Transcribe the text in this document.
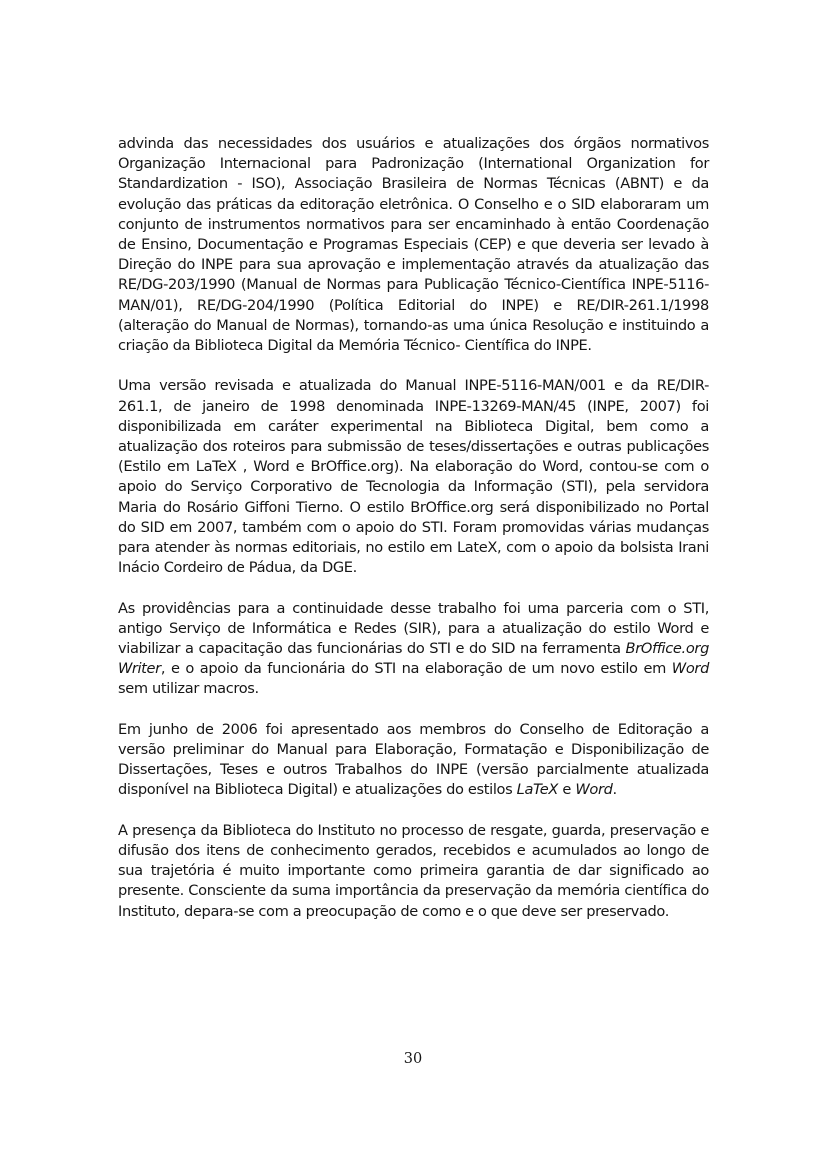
advinda das necessidades dos usuários e atualizações dos órgãos normativos Organização Internacional para Padronização (International Organization for Standardization - ISO), Associação Brasileira de Normas Técnicas (ABNT) e da evolução das práticas da editoração eletrônica. O Conselho e o SID elaboraram um conjunto de instrumentos normativos para ser encaminhado à então Coordenação de Ensino, Documentação e Programas Especiais (CEP) e que deveria ser levado à Direção do INPE para sua aprovação e implementação através da atualização das RE/DG-203/1990 (Manual de Normas para Publicação Técnico-Científica INPE-5116-MAN/01), RE/DG-204/1990 (Política Editorial do INPE) e RE/DIR-261.1/1998 (alteração do Manual de Normas), tornando-as uma única Resolução e instituindo a criação da Biblioteca Digital da Memória Técnico- Científica do INPE.

Uma versão revisada e atualizada do Manual INPE-5116-MAN/001 e da RE/DIR-261.1, de janeiro de 1998 denominada INPE-13269-MAN/45 (INPE, 2007) foi disponibilizada em caráter experimental na Biblioteca Digital, bem como a atualização dos roteiros para submissão de teses/dissertações e outras publicações (Estilo em LaTeX , Word e BrOffice.org). Na elaboração do Word, contou-se com o apoio do Serviço Corporativo de Tecnologia da Informação (STI), pela servidora Maria do Rosário Giffoni Tierno. O estilo BrOffice.org será disponibilizado no Portal do SID em 2007, também com o apoio do STI. Foram promovidas várias mudanças para atender às normas editoriais, no estilo em LateX, com o apoio da bolsista Irani Inácio Cordeiro de Pádua, da DGE.

As providências para a continuidade desse trabalho foi uma parceria com o STI, antigo Serviço de Informática e Redes (SIR), para a atualização do estilo Word e viabilizar a capacitação das funcionárias do STI e do SID na ferramenta BrOffice.org Writer, e o apoio da funcionária do STI na elaboração de um novo estilo em Word sem utilizar macros.

Em junho de 2006 foi apresentado aos membros do Conselho de Editoração a versão preliminar do Manual para Elaboração, Formatação e Disponibilização de Dissertações, Teses e outros Trabalhos do INPE (versão parcialmente atualizada disponível na Biblioteca Digital) e atualizações do estilos LaTeX e Word.

A presença da Biblioteca do Instituto no processo de resgate, guarda, preservação e difusão dos itens de conhecimento gerados, recebidos e acumulados ao longo de sua trajetória é muito importante como primeira garantia de dar significado ao presente. Consciente da suma importância da preservação da memória científica do Instituto, depara-se com a preocupação de como e o que deve ser preservado.

30
